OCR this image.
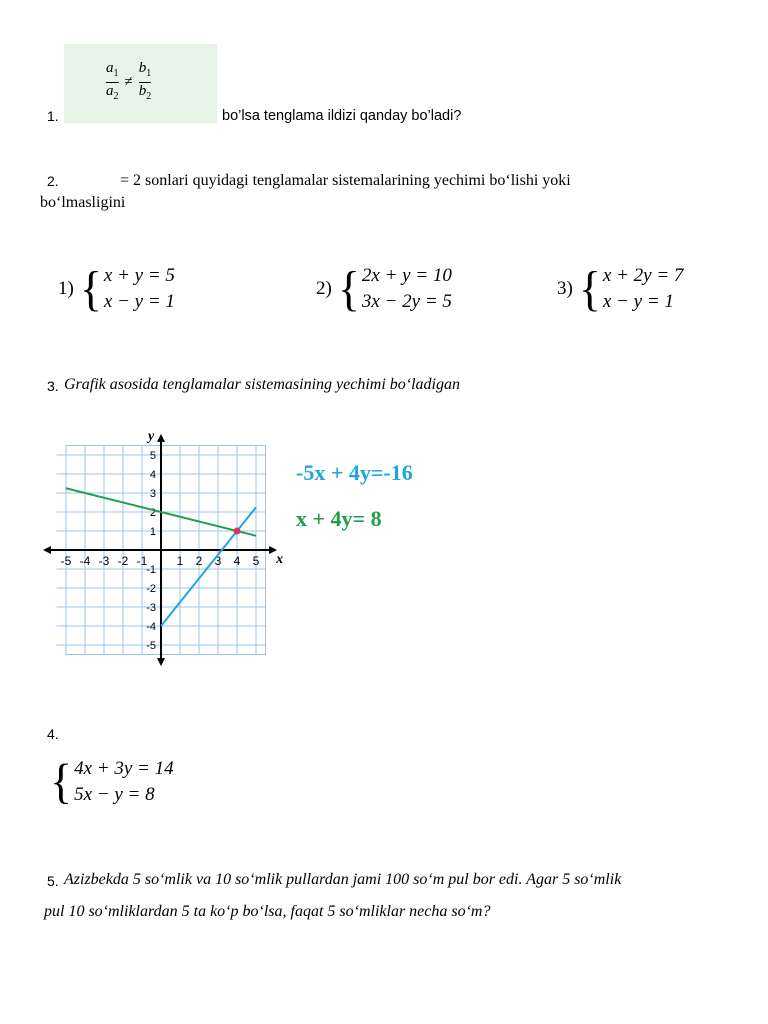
1.
$\frac{a_1}{a_2} \ne \frac{b_1}{b_2}$
bo’lsa tenglama ildizi qanday bo’ladi?
2.	= 2 sonlari quyidagi tenglamalar sistemalarining yechimi bo‘lishi yoki
bo‘lmasligini
1) { x + y = 5
x − y = 1
2) { 2x + y = 10
3x − 2y = 5
3) { x + 2y = 7
x − y = 1
3. Grafik asosida tenglamalar sistemasining yechimi bo‘ladigan
-5 -4 -3 -2 -1 1 2 3 4 5
5
4
3
2
1
-1
-2
-3
-4
-5
x
y
-5x + 4y=-16
x + 4y= 8
4.
{ 4x + 3y = 14
5x − y = 8
5. Azizbekda 5 so‘mlik va 10 so‘mlik pullardan jami 100 so‘m pul bor edi. Agar 5 so‘mlik
pul 10 so‘mliklardan 5 ta ko‘p bo‘lsa, faqat 5 so‘mliklar necha so‘m?
